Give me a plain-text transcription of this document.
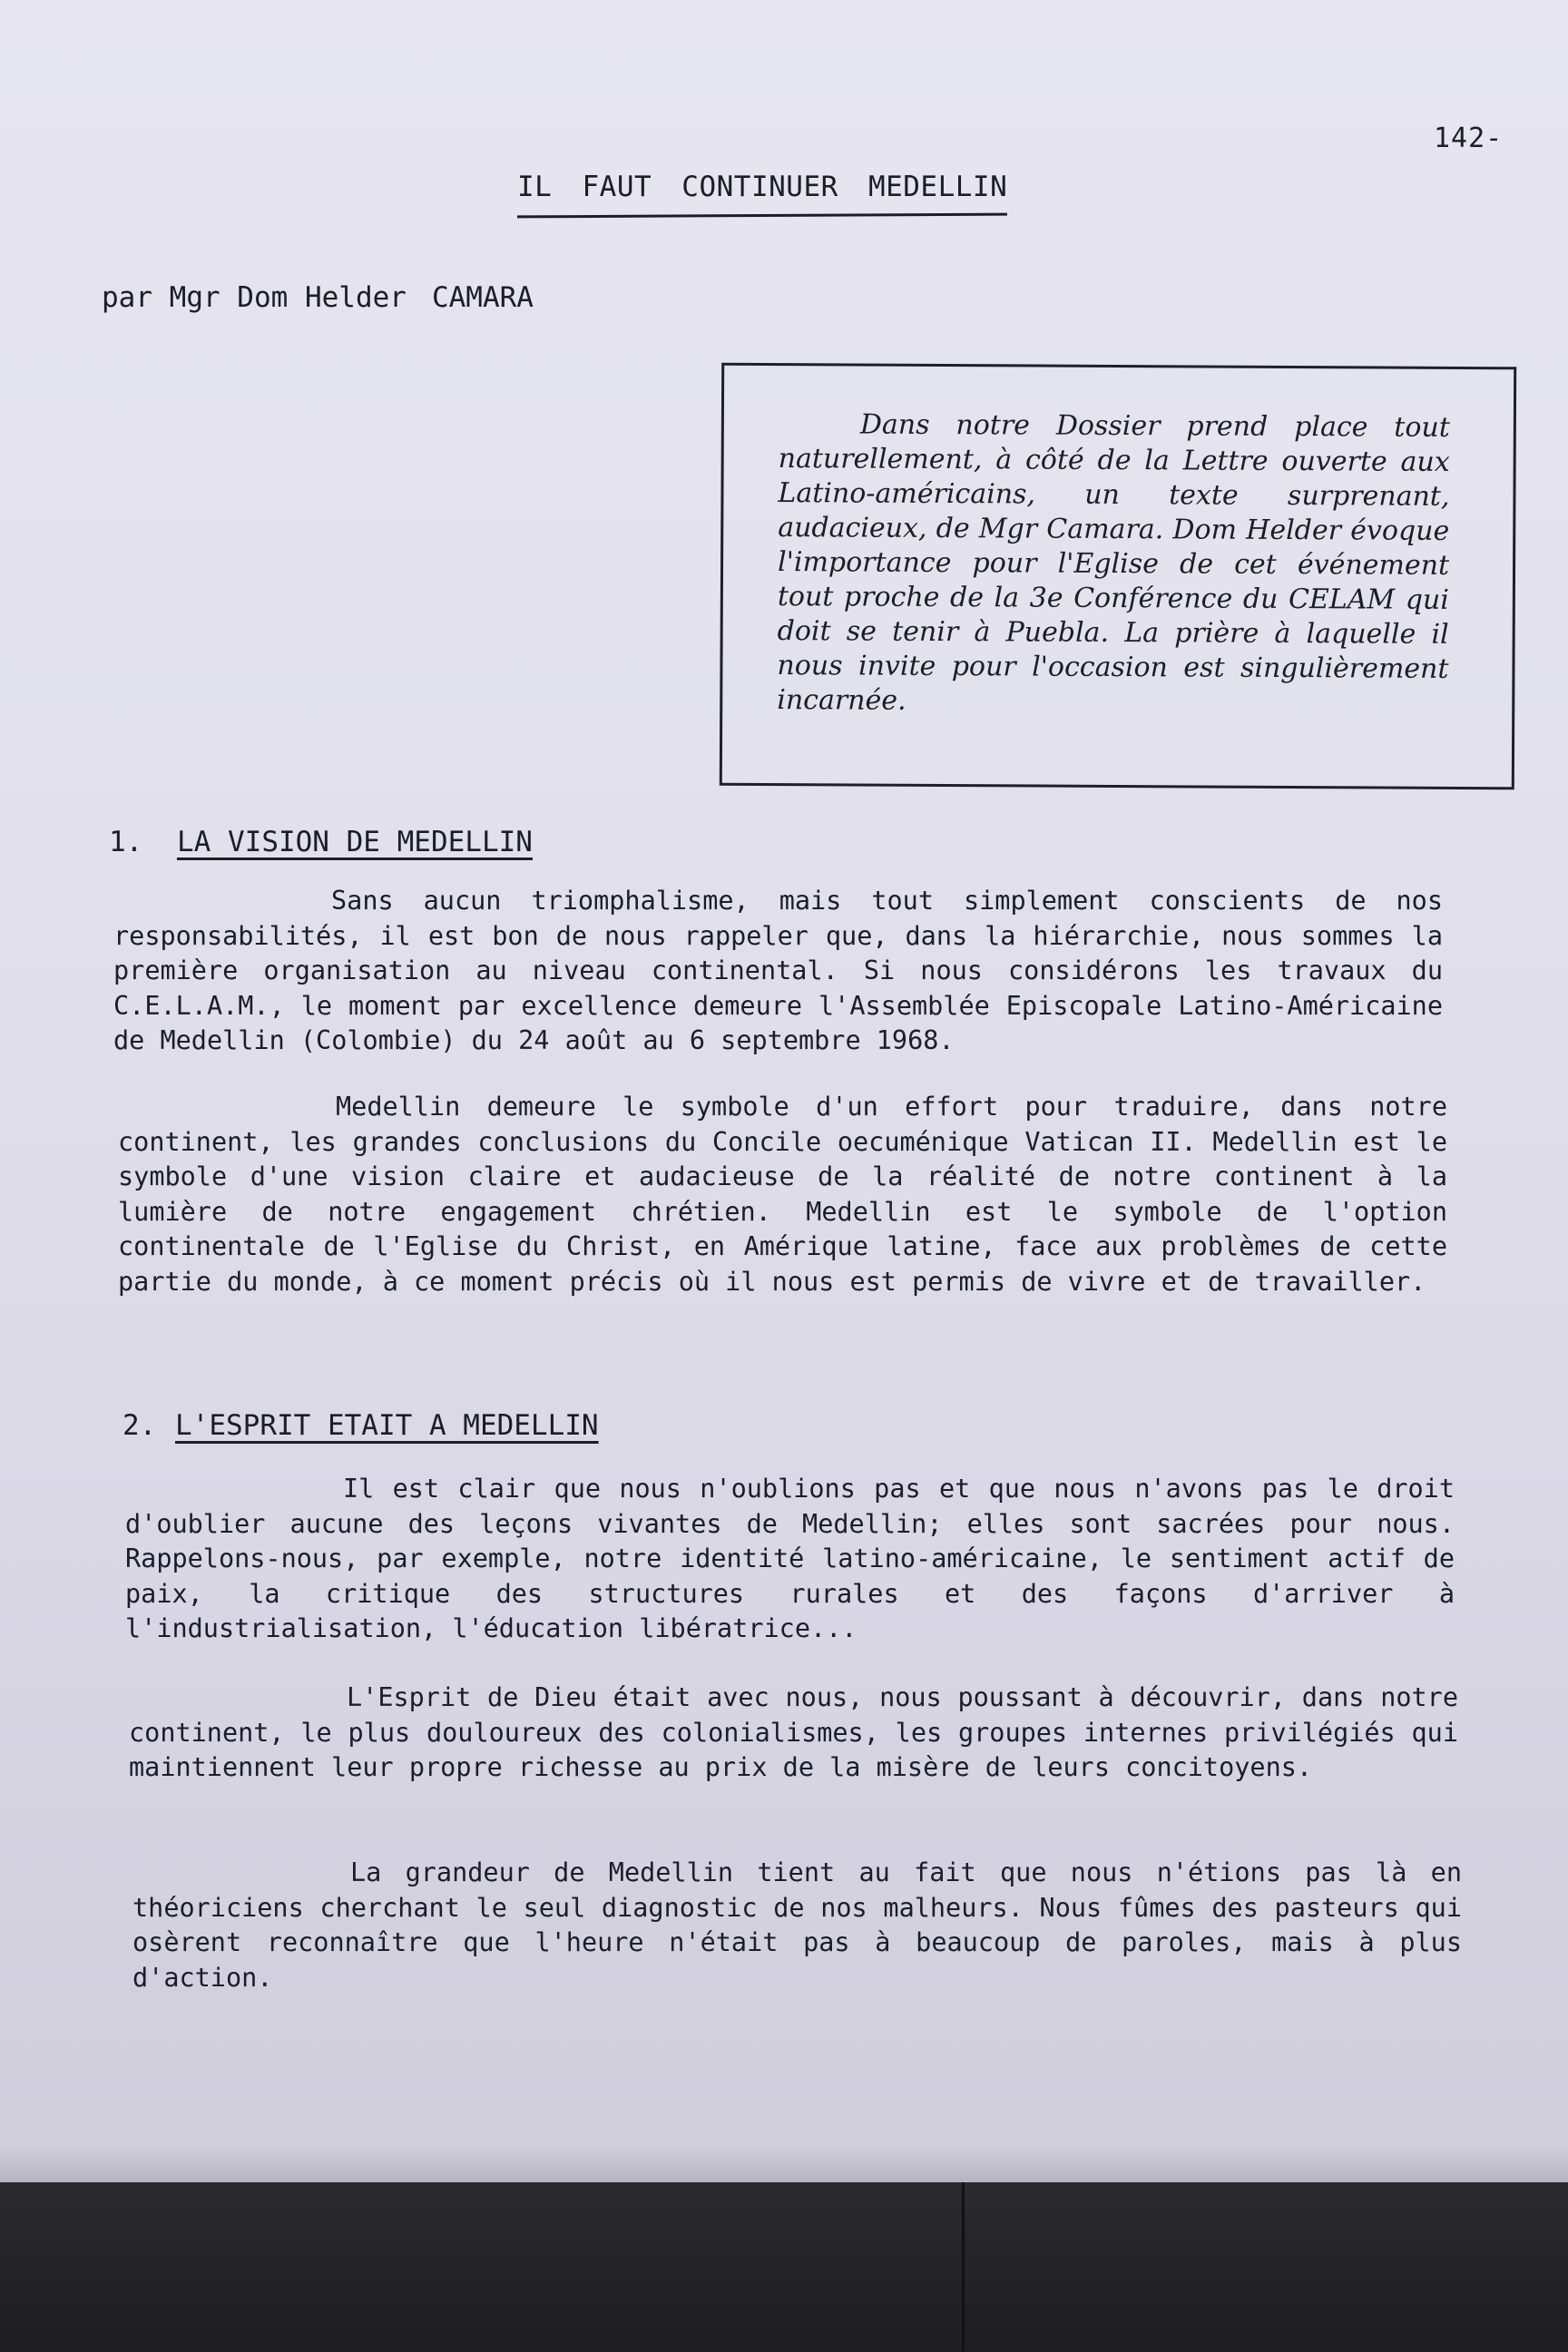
142-
IL FAUT CONTINUER MEDELLIN
par Mgr Dom Helder CAMARA

Dans notre Dossier prend place tout naturellement, à côté de la Lettre ouverte aux Latino-américains, un texte surprenant, audacieux, de Mgr Camara. Dom Helder évoque l'importance pour l'Eglise de cet événement tout proche de la 3e Conférence du CELAM qui doit se tenir à Puebla. La prière à laquelle il nous invite pour l'occasion est singulièrement incarnée.

1. LA VISION DE MEDELLIN

Sans aucun triomphalisme, mais tout simplement conscients de nos responsabilités, il est bon de nous rappeler que, dans la hiérarchie, nous sommes la première organisation au niveau continental. Si nous considérons les travaux du C.E.L.A.M., le moment par excellence demeure l'Assemblée Episcopale Latino-Américaine de Medellin (Colombie) du 24 août au 6 septembre 1968.

Medellin demeure le symbole d'un effort pour traduire, dans notre continent, les grandes conclusions du Concile oecuménique Vatican II. Medellin est le symbole d'une vision claire et audacieuse de la réalité de notre continent à la lumière de notre engagement chrétien. Medellin est le symbole de l'option continentale de l'Eglise du Christ, en Amérique latine, face aux problèmes de cette partie du monde, à ce moment précis où il nous est permis de vivre et de travailler.

2. L'ESPRIT ETAIT A MEDELLIN

Il est clair que nous n'oublions pas et que nous n'avons pas le droit d'oublier aucune des leçons vivantes de Medellin; elles sont sacrées pour nous. Rappelons-nous, par exemple, notre identité latino-américaine, le sentiment actif de paix, la critique des structures rurales et des façons d'arriver à l'industrialisation, l'éducation libératrice...

L'Esprit de Dieu était avec nous, nous poussant à découvrir, dans notre continent, le plus douloureux des colonialismes, les groupes internes privilégiés qui maintiennent leur propre richesse au prix de la misère de leurs concitoyens.

La grandeur de Medellin tient au fait que nous n'étions pas là en théoriciens cherchant le seul diagnostic de nos malheurs. Nous fûmes des pasteurs qui osèrent reconnaître que l'heure n'était pas à beaucoup de paroles, mais à plus d'action.
